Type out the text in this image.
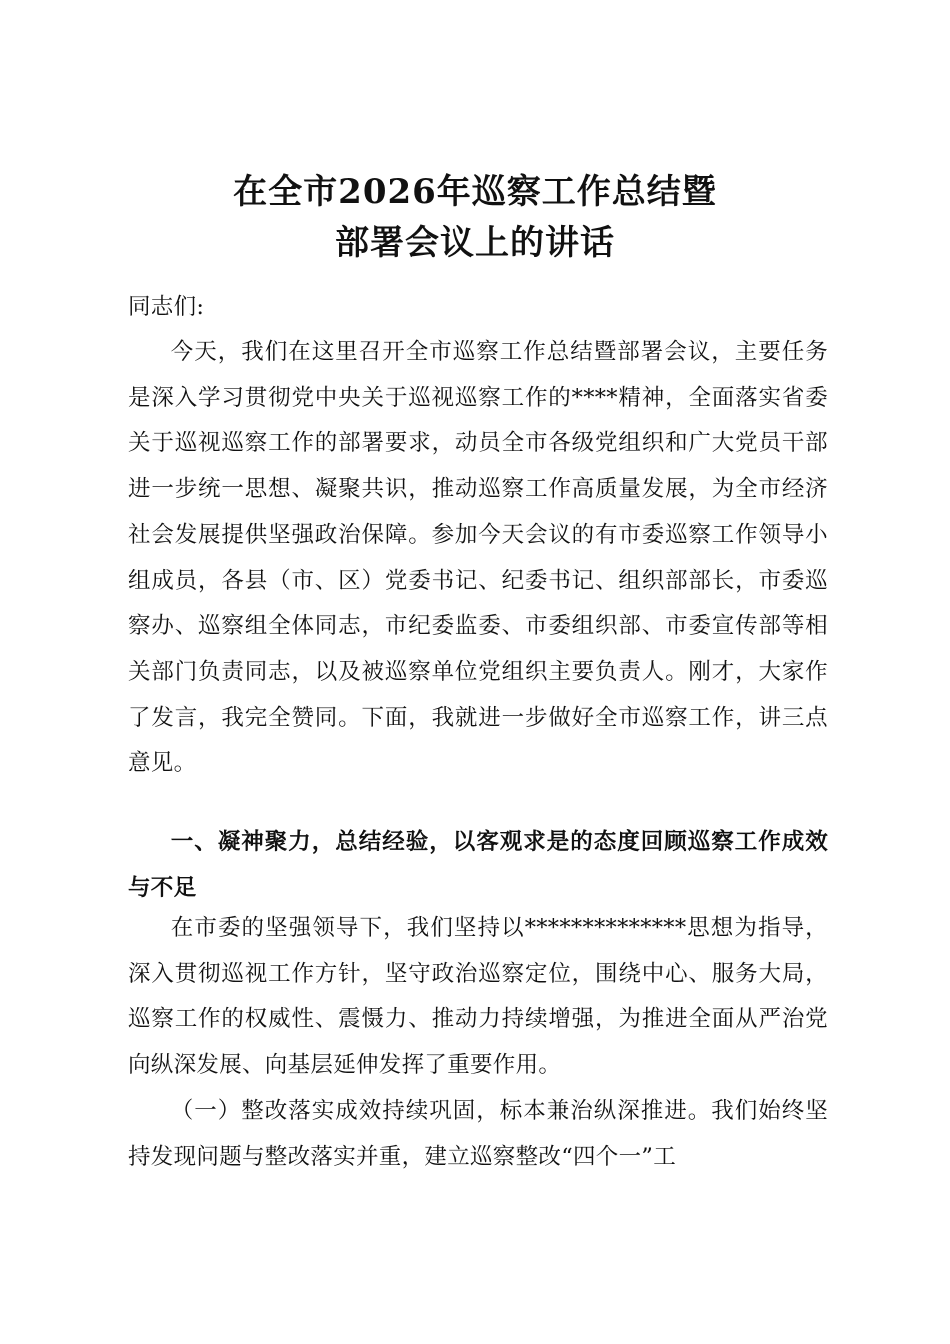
在全市2026年巡察工作总结暨
部署会议上的讲话
同志们:
今天，我们在这里召开全市巡察工作总结暨部署会议，主要任务是深入学习贯彻党中央关于巡视巡察工作的****精神，全面落实省委关于巡视巡察工作的部署要求，动员全市各级党组织和广大党员干部进一步统一思想、凝聚共识，推动巡察工作高质量发展，为全市经济社会发展提供坚强政治保障。参加今天会议的有市委巡察工作领导小组成员，各县（市、区）党委书记、纪委书记、组织部部长，市委巡察办、巡察组全体同志，市纪委监委、市委组织部、市委宣传部等相关部门负责同志，以及被巡察单位党组织主要负责人。刚才，大家作了发言，我完全赞同。下面，我就进一步做好全市巡察工作，讲三点意见。
一、凝神聚力，总结经验，以客观求是的态度回顾巡察工作成效与不足
在市委的坚强领导下，我们坚持以**************思想为指导，深入贯彻巡视工作方针，坚守政治巡察定位，围绕中心、服务大局，巡察工作的权威性、震慑力、推动力持续增强，为推进全面从严治党向纵深发展、向基层延伸发挥了重要作用。
（一）整改落实成效持续巩固，标本兼治纵深推进。我们始终坚持发现问题与整改落实并重，建立巡察整改“四个一”工
